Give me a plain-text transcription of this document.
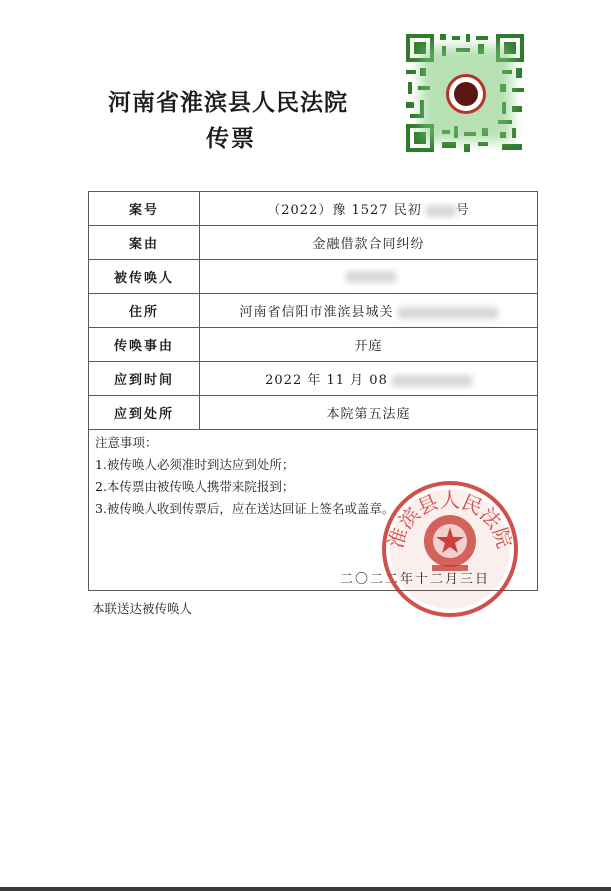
河南省淮滨县人民法院
传票
案号	（2022）豫 1527 民初 号
案由	金融借款合同纠纷
被传唤人	
住所	河南省信阳市淮滨县城关
传唤事由	开庭
应到时间	2022 年 11 月 08
应到处所	本院第五法庭
注意事项：
1.被传唤人必须准时到达应到处所；
2.本传票由被传唤人携带来院报到；
3.被传唤人收到传票后，应在送达回证上签名或盖章。
二〇二二年十二月三日
淮滨县人民法院
本联送达被传唤人
